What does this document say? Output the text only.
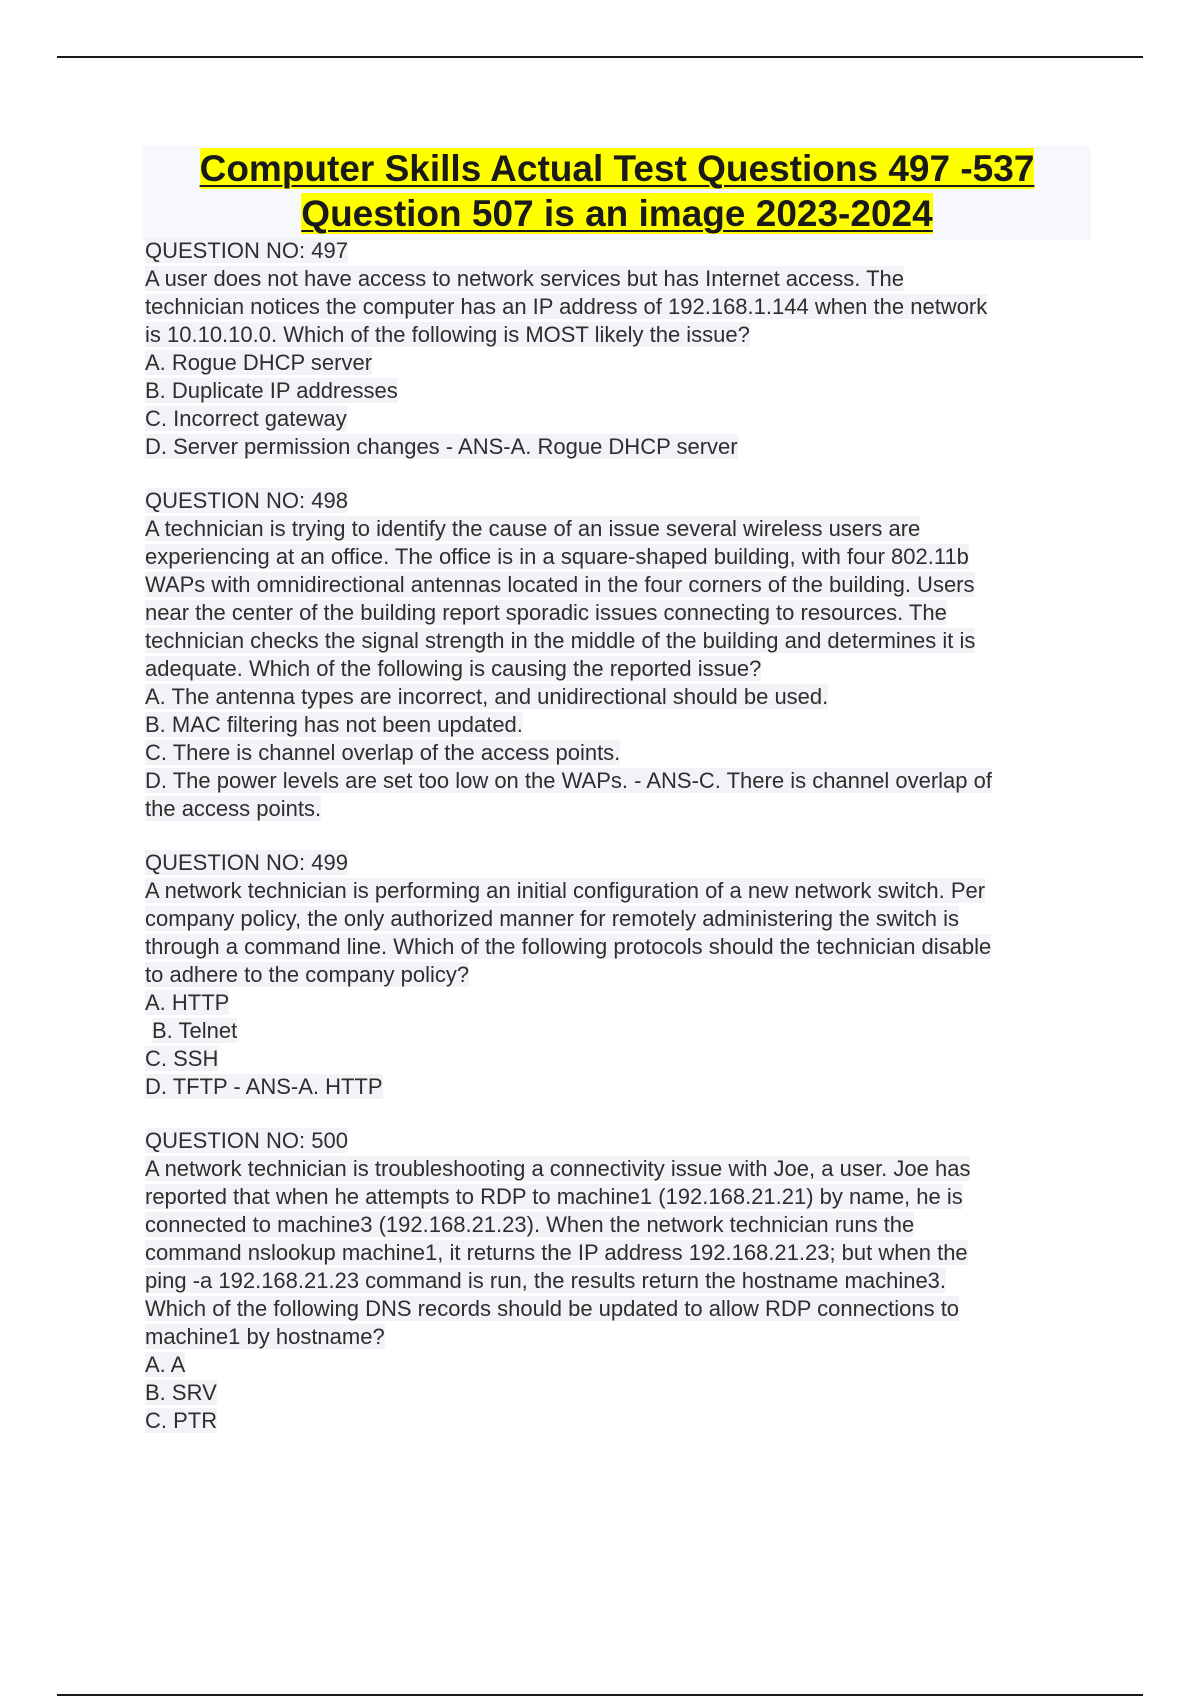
Computer Skills Actual Test Questions 497 -537
Question 507 is an image 2023-2024
QUESTION NO: 497
A user does not have access to network services but has Internet access. The
technician notices the computer has an IP address of 192.168.1.144 when the network
is 10.10.10.0. Which of the following is MOST likely the issue?
A. Rogue DHCP server
B. Duplicate IP addresses
C. Incorrect gateway
D. Server permission changes - ANS-A. Rogue DHCP server
QUESTION NO: 498
A technician is trying to identify the cause of an issue several wireless users are
experiencing at an office. The office is in a square-shaped building, with four 802.11b
WAPs with omnidirectional antennas located in the four corners of the building. Users
near the center of the building report sporadic issues connecting to resources. The
technician checks the signal strength in the middle of the building and determines it is
adequate. Which of the following is causing the reported issue?
A. The antenna types are incorrect, and unidirectional should be used.
B. MAC filtering has not been updated.
C. There is channel overlap of the access points.
D. The power levels are set too low on the WAPs. - ANS-C. There is channel overlap of
the access points.
QUESTION NO: 499
A network technician is performing an initial configuration of a new network switch. Per
company policy, the only authorized manner for remotely administering the switch is
through a command line. Which of the following protocols should the technician disable
to adhere to the company policy?
A. HTTP
B. Telnet
C. SSH
D. TFTP - ANS-A. HTTP
QUESTION NO: 500
A network technician is troubleshooting a connectivity issue with Joe, a user. Joe has
reported that when he attempts to RDP to machine1 (192.168.21.21) by name, he is
connected to machine3 (192.168.21.23). When the network technician runs the
command nslookup machine1, it returns the IP address 192.168.21.23; but when the
ping -a 192.168.21.23 command is run, the results return the hostname machine3.
Which of the following DNS records should be updated to allow RDP connections to
machine1 by hostname?
A. A
B. SRV
C. PTR
